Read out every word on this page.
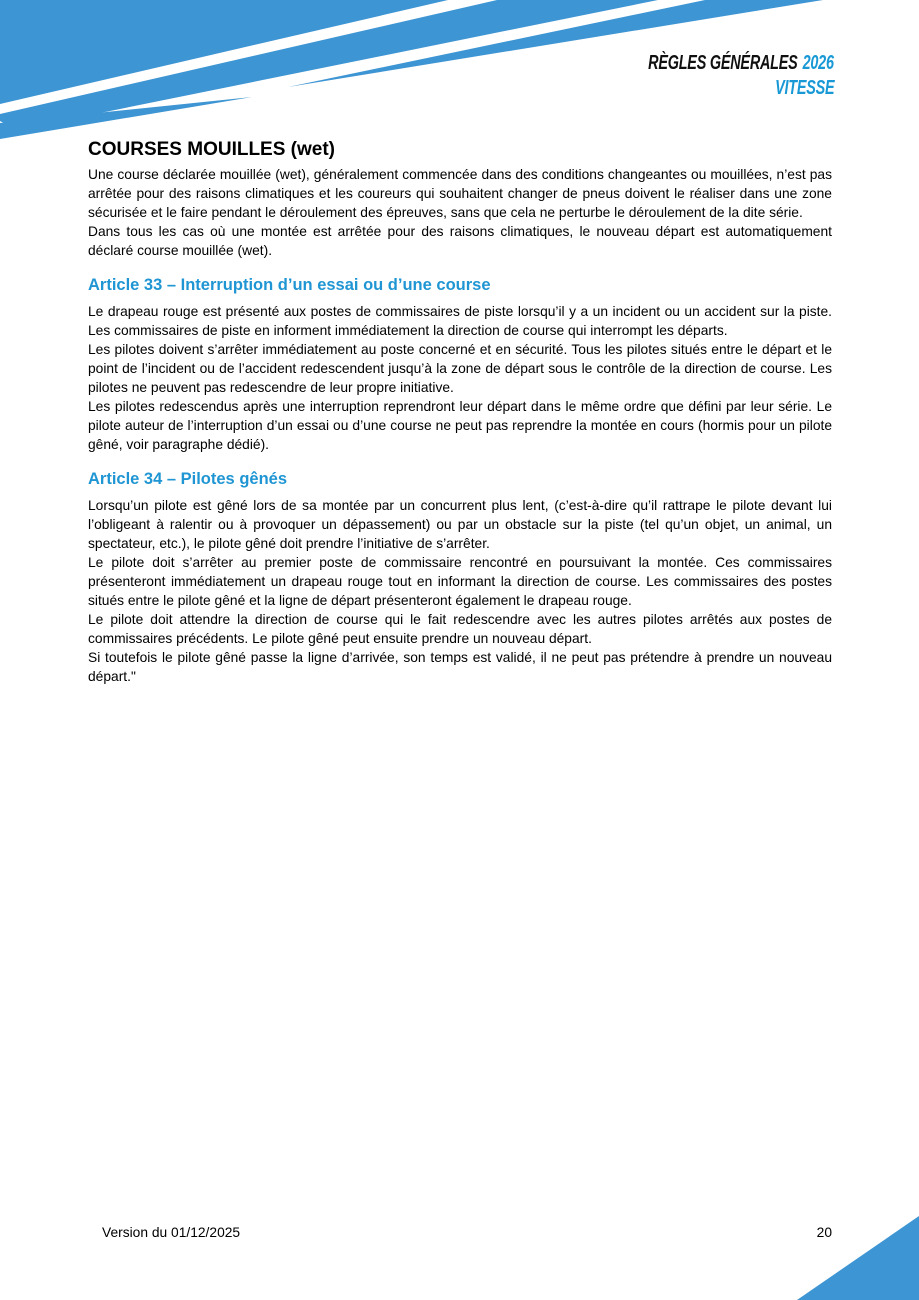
RÈGLES GÉNÉRALES 2026
VITESSE
COURSES MOUILLES (wet)

Une course déclarée mouillée (wet), généralement commencée dans des conditions changeantes ou mouillées, n’est pas arrêtée pour des raisons climatiques et les coureurs qui souhaitent changer de pneus doivent le réaliser dans une zone sécurisée et le faire pendant le déroulement des épreuves, sans que cela ne perturbe le déroulement de la dite série.

Dans tous les cas où une montée est arrêtée pour des raisons climatiques, le nouveau départ est automatiquement déclaré course mouillée (wet).

Article 33 – Interruption d’un essai ou d’une course

Le drapeau rouge est présenté aux postes de commissaires de piste lorsqu’il y a un incident ou un accident sur la piste. Les commissaires de piste en informent immédiatement la direction de course qui interrompt les départs.

Les pilotes doivent s’arrêter immédiatement au poste concerné et en sécurité. Tous les pilotes situés entre le départ et le point de l’incident ou de l’accident redescendent jusqu’à la zone de départ sous le contrôle de la direction de course. Les pilotes ne peuvent pas redescendre de leur propre initiative.

Les pilotes redescendus après une interruption reprendront leur départ dans le même ordre que défini par leur série. Le pilote auteur de l’interruption d’un essai ou d’une course ne peut pas reprendre la montée en cours (hormis pour un pilote gêné, voir paragraphe dédié).

Article 34 – Pilotes gênés

Lorsqu’un pilote est gêné lors de sa montée par un concurrent plus lent, (c’est-à-dire qu’il rattrape le pilote devant lui l’obligeant à ralentir ou à provoquer un dépassement) ou par un obstacle sur la piste (tel qu’un objet, un animal, un spectateur, etc.), le pilote gêné doit prendre l’initiative de s’arrêter.

Le pilote doit s’arrêter au premier poste de commissaire rencontré en poursuivant la montée. Ces commissaires présenteront immédiatement un drapeau rouge tout en informant la direction de course. Les commissaires des postes situés entre le pilote gêné et la ligne de départ présenteront également le drapeau rouge.

Le pilote doit attendre la direction de course qui le fait redescendre avec les autres pilotes arrêtés aux postes de commissaires précédents. Le pilote gêné peut ensuite prendre un nouveau départ.

Si toutefois le pilote gêné passe la ligne d’arrivée, son temps est validé, il ne peut pas prétendre à prendre un nouveau départ."

Version du 01/12/2025	20
